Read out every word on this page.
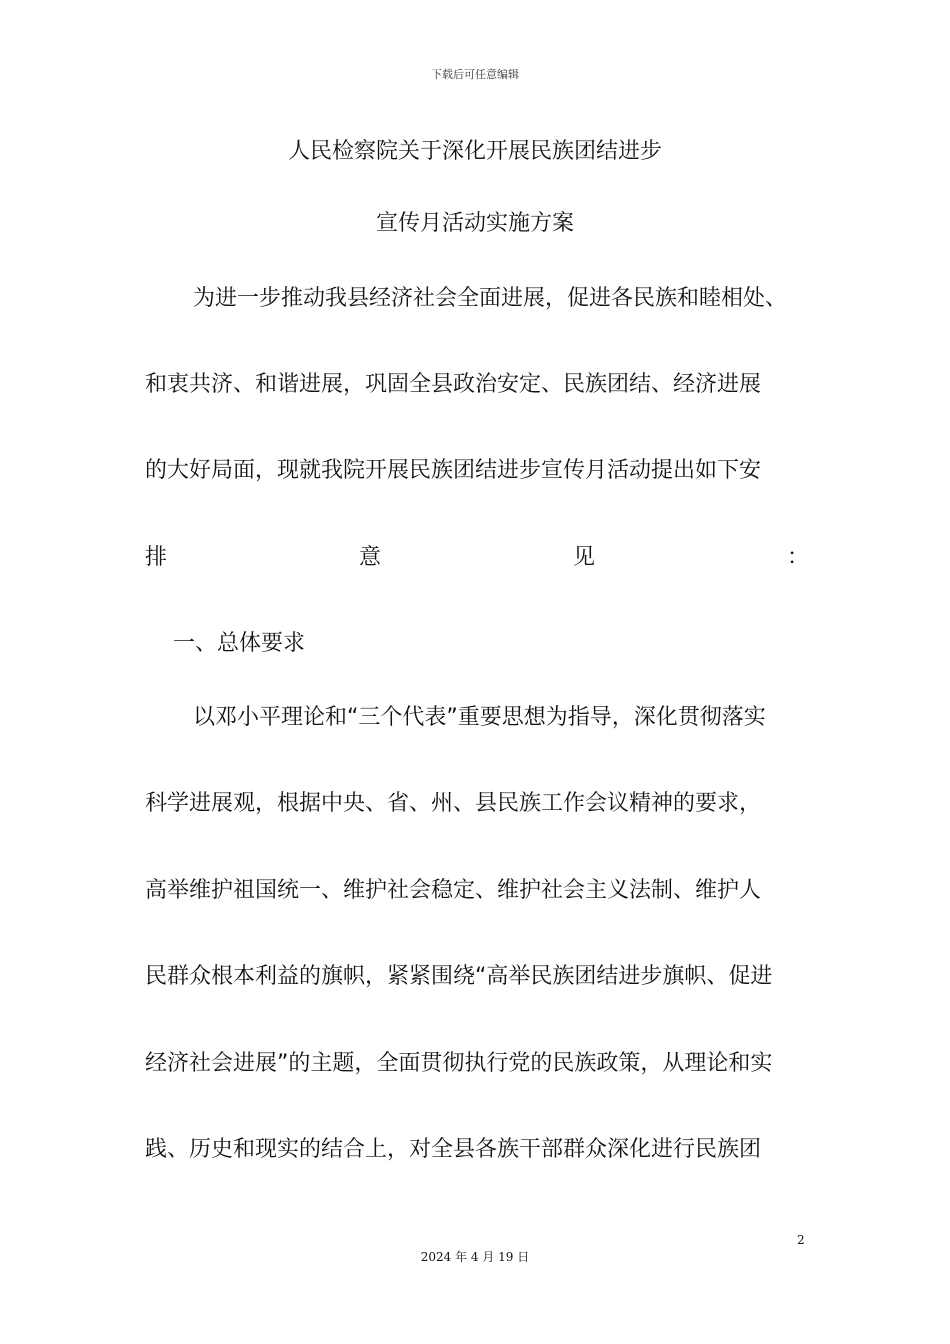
下载后可任意编辑
人民检察院关于深化开展民族团结进步
宣传月活动实施方案
为进一步推动我县经济社会全面进展，促进各民族和睦相处、
和衷共济、和谐进展，巩固全县政治安定、民族团结、经济进展
的大好局面，现就我院开展民族团结进步宣传月活动提出如下安
排	意	见	：
一、总体要求
以邓小平理论和“三个代表”重要思想为指导，深化贯彻落实
科学进展观，根据中央、省、州、县民族工作会议精神的要求，
高举维护祖国统一、维护社会稳定、维护社会主义法制、维护人
民群众根本利益的旗帜，紧紧围绕“高举民族团结进步旗帜、促进
经济社会进展”的主题，全面贯彻执行党的民族政策，从理论和实
践、历史和现实的结合上，对全县各族干部群众深化进行民族团
2
2024 年 4 月 19 日
